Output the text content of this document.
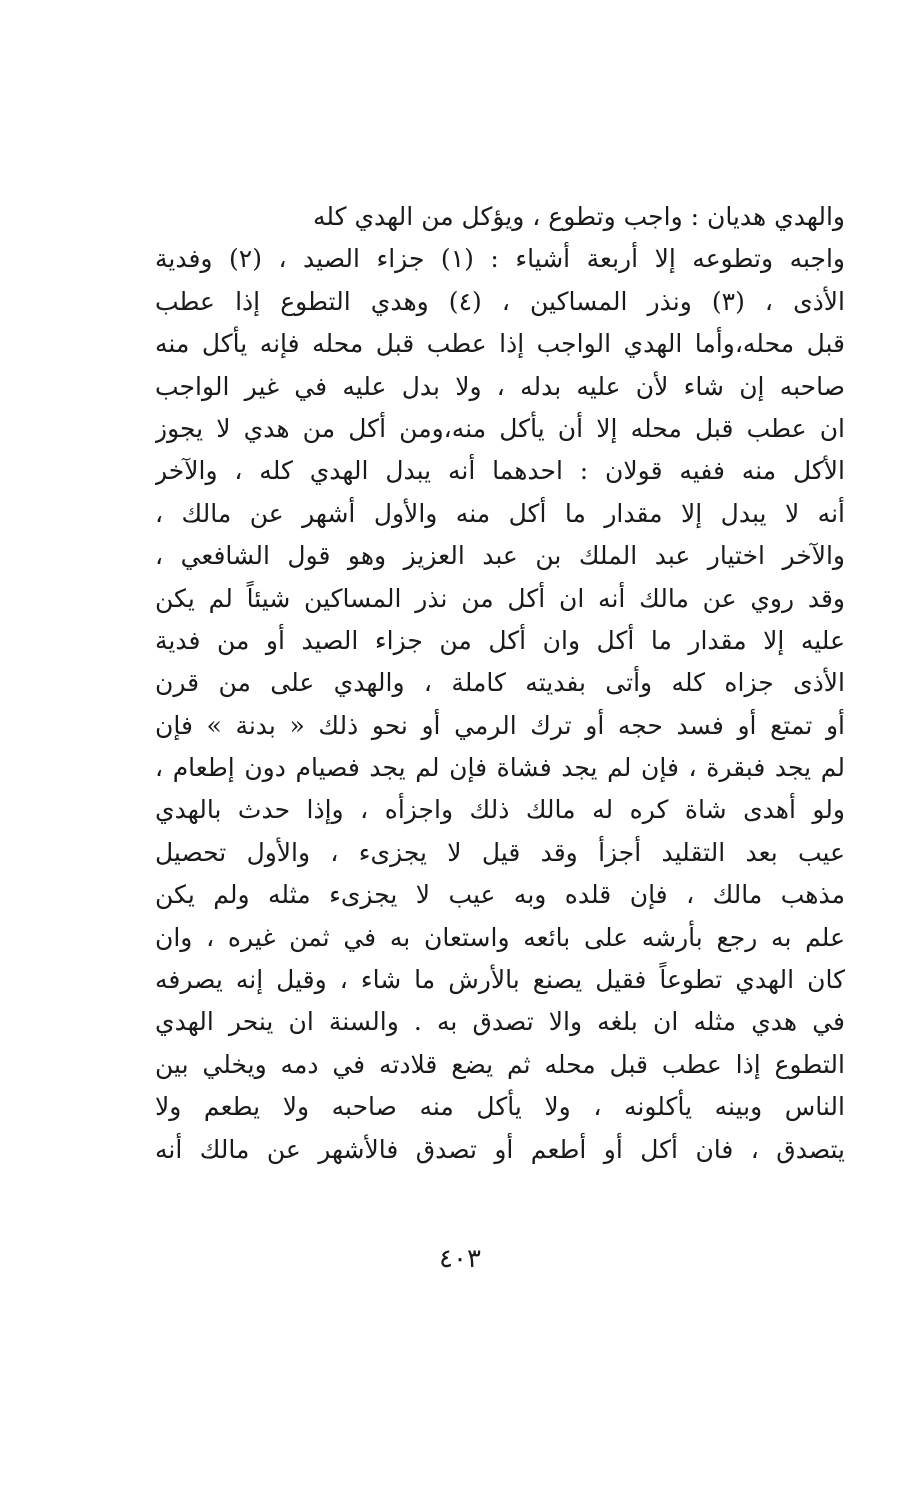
والهدي هديان : واجب وتطوع ، ويؤكل من الهدي كله
واجبه وتطوعه إلا أربعة أشياء : (١) جزاء الصيد ، (٢) وفدية
الأذى ، (٣) ونذر المساكين ، (٤) وهدي التطوع إذا عطب
قبل محله،وأما الهدي الواجب إذا عطب قبل محله فإنه يأكل منه
صاحبه إن شاء لأن عليه بدله ، ولا بدل عليه في غير الواجب
ان عطب قبل محله إلا أن يأكل منه،ومن أكل من هدي لا يجوز
الأكل منه ففيه قولان : احدهما أنه يبدل الهدي كله ، والآخر
أنه لا يبدل إلا مقدار ما أكل منه والأول أشهر عن مالك ،
والآخر اختيار عبد الملك بن عبد العزيز وهو قول الشافعي ،
وقد روي عن مالك أنه ان أكل من نذر المساكين شيئاً لم يكن
عليه إلا مقدار ما أكل وان أكل من جزاء الصيد أو من فدية
الأذى جزاه كله وأتى بفديته كاملة ، والهدي على من قرن
أو تمتع أو فسد حجه أو ترك الرمي أو نحو ذلك « بدنة » فإن
لم يجد فبقرة ، فإن لم يجد فشاة فإن لم يجد فصيام دون إطعام ،
ولو أهدى شاة كره له مالك ذلك واجزأه ، وإذا حدث بالهدي
عيب بعد التقليد أجزأ وقد قيل لا يجزىء ، والأول تحصيل
مذهب مالك ، فإن قلده وبه عيب لا يجزىء مثله ولم يكن
علم به رجع بأرشه على بائعه واستعان به في ثمن غيره ، وان
كان الهدي تطوعاً فقيل يصنع بالأرش ما شاء ، وقيل إنه يصرفه
في هدي مثله ان بلغه والا تصدق به . والسنة ان ينحر الهدي
التطوع إذا عطب قبل محله ثم يضع قلادته في دمه ويخلي بين
الناس وبينه يأكلونه ، ولا يأكل منه صاحبه ولا يطعم ولا
يتصدق ، فان أكل أو أطعم أو تصدق فالأشهر عن مالك أنه
٤٠٣
